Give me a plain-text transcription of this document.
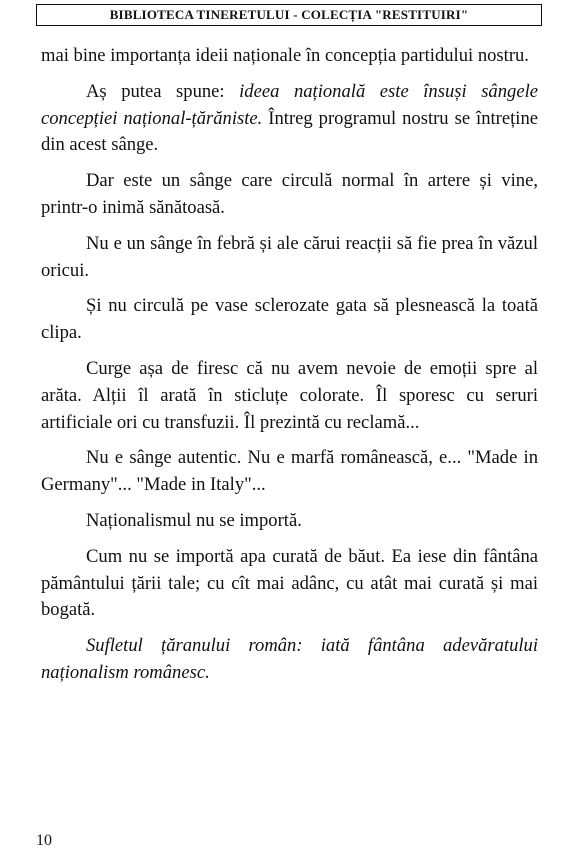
BIBLIOTECA TINERETULUI - COLECȚIA "RESTITUIRI"

mai bine importanța ideii naționale în concepția partidului nostru.

Aș putea spune: ideea națională este însuși sângele concepției național-țărăniste. Întreg programul nostru se întreține din acest sânge.

Dar este un sânge care circulă normal în artere și vine, printr-o inimă sănătoasă.

Nu e un sânge în febră și ale cărui reacții să fie prea în văzul oricui.

Și nu circulă pe vase sclerozate gata să plesnească la toată clipa.

Curge așa de firesc că nu avem nevoie de emoții spre al arăta. Alții îl arată în sticluțe colorate. Îl sporesc cu seruri artificiale ori cu transfuzii. Îl prezintă cu reclamă...

Nu e sânge autentic. Nu e marfă românească, e... "Made in Germany"... "Made in Italy"...

Naționalismul nu se importă.

Cum nu se importă apa curată de băut. Ea iese din fântâna pământului țării tale; cu cît mai adânc, cu atât mai curată și mai bogată.

Sufletul țăranului român: iată fântâna adevăratului naționalism românesc.

10
